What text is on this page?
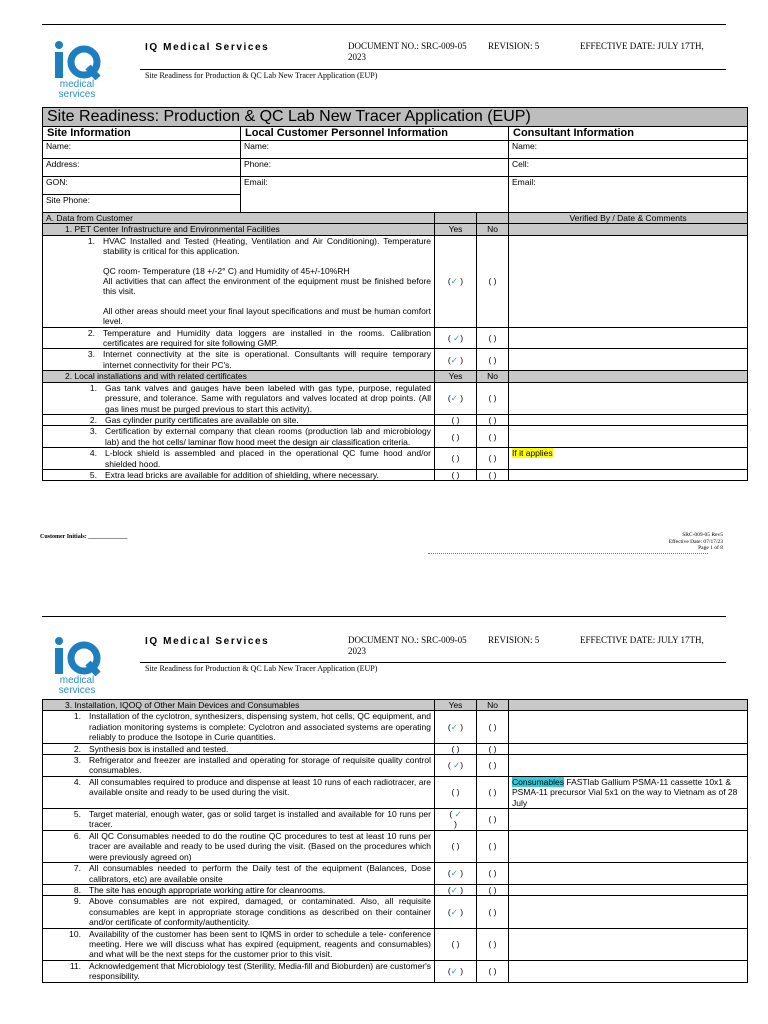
medical
services
IQ Medical Services	DOCUMENT NO.: SRC-009-05 2023
REVISION: 5	EFFECTIVE DATE: JULY 17TH,
Site Readiness for Production & QC Lab New Tracer Application (EUP)
Site Readiness: Production & QC Lab New Tracer Application (EUP)				
Site Information	Local Customer Personnel Information			Consultant Information
Name:	Name:			Name:
Address:	Phone:			Cell:
GON:	Email:			Email:
Site Phone:				
A. Data from Customer				Verified By / Date & Comments
1. PET Center Infrastructure and Environmental Facilities		Yes	No	

1. HVAC Installed and Tested (Heating, Ventilation and Air Conditioning). Temperature stability is critical for this application.
QC room- Temperature (18 +/-2° C) and Humidity of 45+/-10%RH
All activities that can affect the environment of the equipment must be finished before this visit.
All other areas should meet your final layout specifications and must be human comfort level.		(✓ )	( )	

2. Temperature and Humidity data loggers are installed in the rooms. Calibration certificates are required for site following GMP.		( ✓)	( )	

3. Internet connectivity at the site is operational. Consultants will require temporary internet connectivity for their PC's.		(✓ )	( )	
2. Local installations and with related certificates		Yes	No	

1. Gas tank valves and gauges have been labeled with gas type, purpose, regulated pressure, and tolerance. Same with regulators and valves located at drop points. (All gas lines must be purged previous to start this activity).		(✓ )	( )	

2. Gas cylinder purity certificates are available on site.		( )	( )	

3. Certification by external company that clean rooms (production lab and microbiology lab) and the hot cells/ laminar flow hood meet the design air classification criteria.		( )	( )	

4. L-block shield is assembled and placed in the operational QC fume hood and/or shielded hood.		( )	( )	If it applies

5. Extra lead bricks are available for addition of shielding, where necessary.		( )	( )	
Customer Initials: _____________	SRC-009-05 Rev5
Effective Date: 07/17/23
Page 1 of 8
medical
services
IQ Medical Services	DOCUMENT NO.: SRC-009-05 2023
REVISION: 5	EFFECTIVE DATE: JULY 17TH,
Site Readiness for Production & QC Lab New Tracer Application (EUP)
3. Installation, IQOQ of Other Main Devices and Consumables	Yes	No	

1. Installation of the cyclotron, synthesizers, dispensing system, hot cells, QC equipment, and radiation monitoring systems is complete: Cyclotron and associated systems are operating reliably to produce the Isotope in Curie quantities.	(✓ )	( )	

2. Synthesis box is installed and tested.	( )	( )	

3. Refrigerator and freezer are installed and operating for storage of requisite quality control consumables.	( ✓)	( )	

4. All consumables required to produce and dispense at least 10 runs of each radiotracer, are available onsite and ready to be used during the visit.	( )	( )	Consumables FASTlab Gallium PSMA-11 cassette 10x1 & PSMA-11 precursor Vial 5x1 on the way to Vietnam as of 28 July

5. Target material, enough water, gas or solid target is installed and available for 10 runs per tracer.	( ✓
)	( )	

6. All QC Consumables needed to do the routine QC procedures to test at least 10 runs per tracer are available and ready to be used during the visit. (Based on the procedures which were previously agreed on)	( )	( )	

7. All consumables needed to perform the Daily test of the equipment (Balances, Dose calibrators, etc) are available onsite	(✓ )	( )	

8. The site has enough appropriate working attire for cleanrooms.	(✓ )	( )	

9. Above consumables are not expired, damaged, or contaminated. Also, all requisite consumables are kept in appropriate storage conditions as described on their container and/or certificate of conformity/authenticity.	(✓ )	( )	

10. Availability of the customer has been sent to IQMS in order to schedule a tele- conference meeting. Here we will discuss what has expired (equipment, reagents and consumables) and what will be the next steps for the customer prior to this visit.	( )	( )	

11. Acknowledgement that Microbiology test (Sterility, Media-fill and Bioburden) are customer's responsibility.	(✓ )	( )	
